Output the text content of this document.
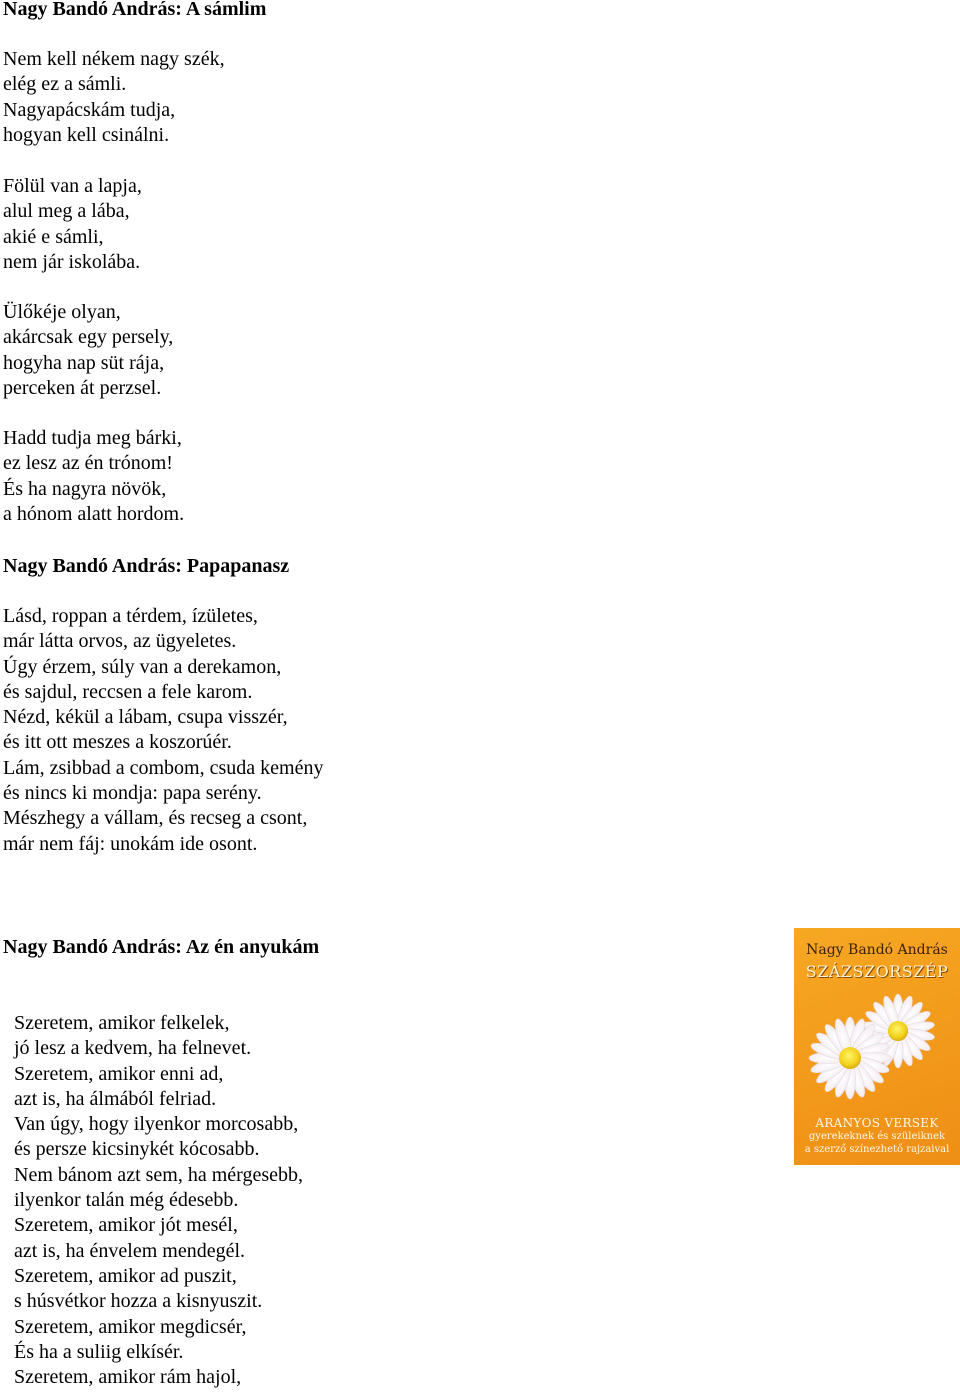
Nagy Bandó András: A sámlim
Nem kell nékem nagy szék,
elég ez a sámli.
Nagyapácskám tudja,
hogyan kell csinálni.
Fölül van a lapja,
alul meg a lába,
akié e sámli,
nem jár iskolába.
Ülőkéje olyan,
akárcsak egy persely,
hogyha nap süt rája,
perceken át perzsel.
Hadd tudja meg bárki,
ez lesz az én trónom!
És ha nagyra növök,
a hónom alatt hordom.
Nagy Bandó András: Papapanasz
Lásd, roppan a térdem, ízületes,
már látta orvos, az ügyeletes.
Úgy érzem, súly van a derekamon,
és sajdul, reccsen a fele karom.
Nézd, kékül a lábam, csupa visszér,
és itt ott meszes a koszorúér.
Lám, zsibbad a combom, csuda kemény
és nincs ki mondja: papa serény.
Mészhegy a vállam, és recseg a csont,
már nem fáj: unokám ide osont.
Nagy Bandó András: Az én anyukám
Szeretem, amikor felkelek,
jó lesz a kedvem, ha felnevet.
Szeretem, amikor enni ad,
azt is, ha álmából felriad.
Van úgy, hogy ilyenkor morcosabb,
és persze kicsinykét kócosabb.
Nem bánom azt sem, ha mérgesebb,
ilyenkor talán még édesebb.
Szeretem, amikor jót mesél,
azt is, ha énvelem mendegél.
Szeretem, amikor ad puszit,
s húsvétkor hozza a kisnyuszit.
Szeretem, amikor megdicsér,
És ha a suliig elkísér.
Szeretem, amikor rám hajol,
Nagy Bandó András
SZÁZSZORSZÉP
ARANYOS VERSEK
gyerekeknek és szüleiknek
a szerző színezhető rajzaival
